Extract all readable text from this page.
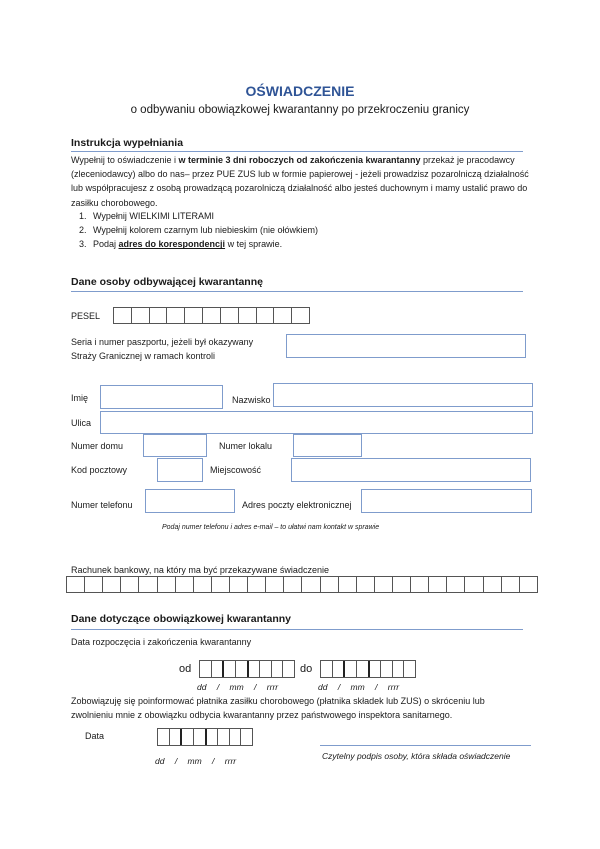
OŚWIADCZENIE
o odbywaniu obowiązkowej kwarantanny po przekroczeniu granicy
Instrukcja wypełniania
Wypełnij to oświadczenie i w terminie 3 dni roboczych od zakończenia kwarantanny przekaż je pracodawcy (zleceniodawcy) albo do nas– przez PUE ZUS lub w formie papierowej - jeżeli prowadzisz pozarolniczą działalność lub współpracujesz z osobą prowadzącą pozarolniczą działalność albo jesteś duchownym i mamy ustalić prawo do zasiłku chorobowego.
1. Wypełnij WIELKIMI LITERAMI
2. Wypełnij kolorem czarnym lub niebieskim (nie ołówkiem)
3. Podaj adres do korespondencji w tej sprawie.
Dane osoby odbywającej kwarantannę
PESEL
Seria i numer paszportu, jeżeli był okazywany
Straży Granicznej w ramach kontroli
Imię	Nazwisko
Ulica
Numer domu	Numer lokalu
Kod pocztowy	Miejscowość
Numer telefonu	Adres poczty elektronicznej
Podaj numer telefonu i adres e-mail – to ułatwi nam kontakt w sprawie
Rachunek bankowy, na który ma być przekazywane świadczenie
Dane dotyczące obowiązkowej kwarantanny
Data rozpoczęcia i zakończenia kwarantanny
od	do
dd / mm / rrrr	dd / mm / rrrr
Zobowiązuję się poinformować płatnika zasiłku chorobowego (płatnika składek lub ZUS) o skróceniu lub
zwolnieniu mnie z obowiązku odbycia kwarantanny przez państwowego inspektora sanitarnego.
Data
dd / mm / rrrr	Czytelny podpis osoby, która składa oświadczenie
